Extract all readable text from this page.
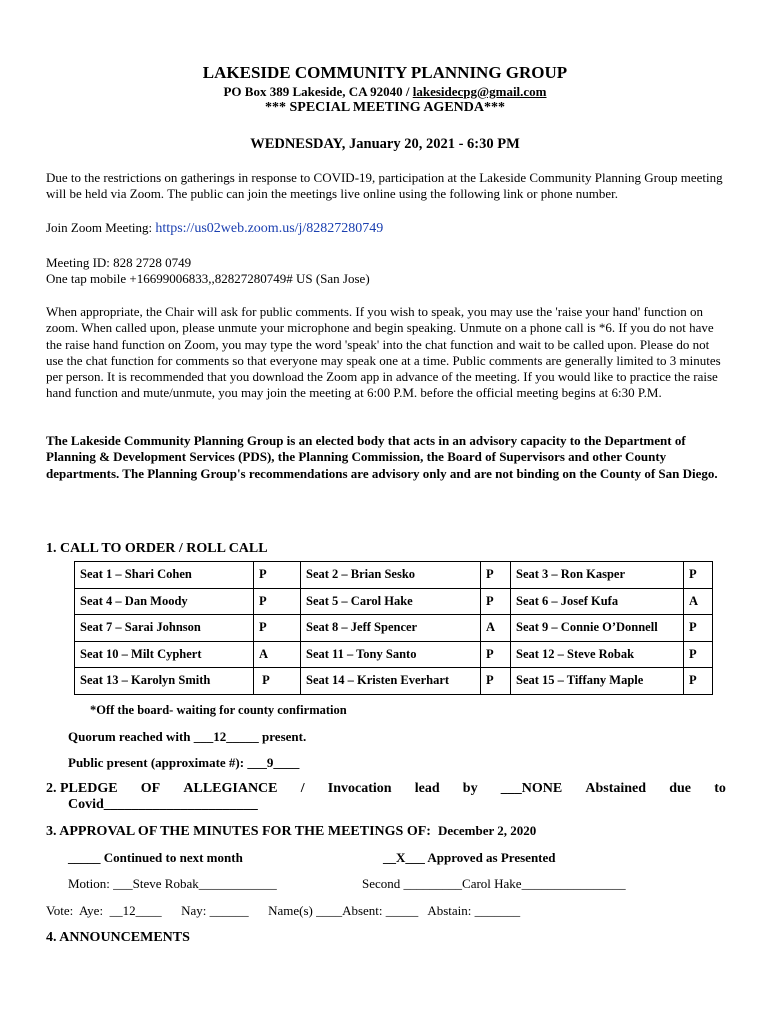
LAKESIDE COMMUNITY PLANNING GROUP
PO Box 389 Lakeside, CA 92040 / lakesidecpg@gmail.com
*** SPECIAL MEETING AGENDA***
WEDNESDAY, January 20, 2021 - 6:30 PM
Due to the restrictions on gatherings in response to COVID-19, participation at the Lakeside Community Planning Group meeting will be held via Zoom. The public can join the meetings live online using the following link or phone number.
Join Zoom Meeting: https://us02web.zoom.us/j/82827280749
Meeting ID: 828 2728 0749
One tap mobile +16699006833,,82827280749# US (San Jose)
When appropriate, the Chair will ask for public comments. If you wish to speak, you may use the 'raise your hand' function on zoom. When called upon, please unmute your microphone and begin speaking. Unmute on a phone call is *6. If you do not have the raise hand function on Zoom, you may type the word 'speak' into the chat function and wait to be called upon. Please do not use the chat function for comments so that everyone may speak one at a time. Public comments are generally limited to 3 minutes per person. It is recommended that you download the Zoom app in advance of the meeting. If you would like to practice the raise hand function and mute/unmute, you may join the meeting at 6:00 P.M. before the official meeting begins at 6:30 P.M.
The Lakeside Community Planning Group is an elected body that acts in an advisory capacity to the Department of Planning & Development Services (PDS), the Planning Commission, the Board of Supervisors and other County departments. The Planning Group's recommendations are advisory only and are not binding on the County of San Diego.
1. CALL TO ORDER / ROLL CALL
Seat 1 – Shari Cohen	P	Seat 2 – Brian Sesko	P	Seat 3 – Ron Kasper	P
Seat 4 – Dan Moody	P	Seat 5 – Carol Hake	P	Seat 6 – Josef Kufa	A
Seat 7 – Sarai Johnson	P	Seat 8 – Jeff Spencer	A	Seat 9 – Connie O’Donnell	P
Seat 10 – Milt Cyphert	A	Seat 11 – Tony Santo	P	Seat 12 – Steve Robak	P
Seat 13 – Karolyn Smith	P	Seat 14 – Kristen Everhart	P	Seat 15 – Tiffany Maple	P
*Off the board- waiting for county confirmation
Quorum reached with ___12_____ present.
Public present (approximate #): ___9____
2. PLEDGE OF ALLEGIANCE / Invocation lead by ___NONE Abstained due to
Covid______________________
3. APPROVAL OF THE MINUTES FOR THE MEETINGS OF: December 2, 2020
_____ Continued to next month	__X___ Approved as Presented
Motion: ___Steve Robak____________	Second _________Carol Hake________________
Vote:  Aye:  __12____      Nay: ______      Name(s) ____Absent: _____   Abstain: _______
4. ANNOUNCEMENTS
